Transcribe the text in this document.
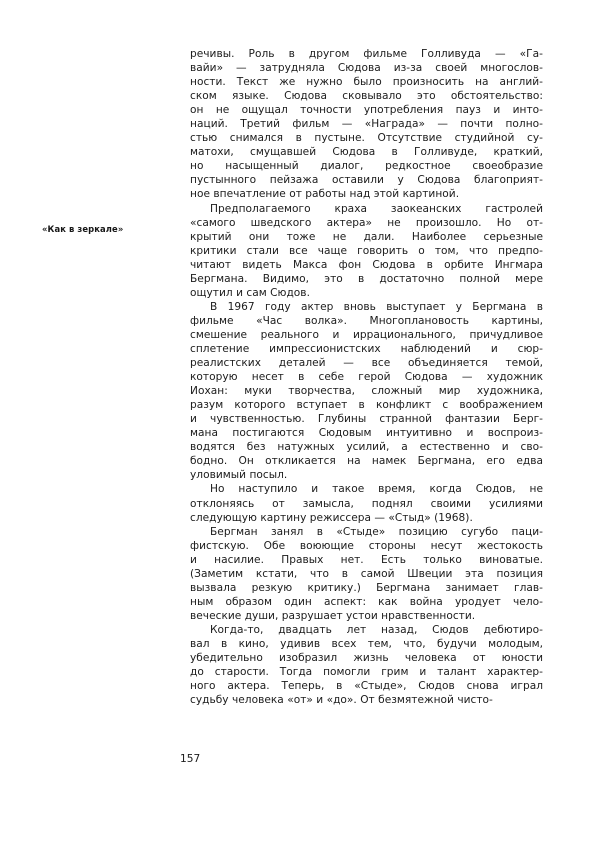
«Как в зеркале»

речивы. Роль в другом фильме Голливуда — «Га-
вайи» — затрудняла Сюдова из-за своей многослов-
ности. Текст же нужно было произносить на англий-
ском языке. Сюдова сковывало это обстоятельство:
он не ощущал точности употребления пауз и инто-
наций. Третий фильм — «Награда» — почти полно-
стью снимался в пустыне. Отсутствие студийной су-
матохи, смущавшей Сюдова в Голливуде, краткий,
но насыщенный диалог, редкостное своеобразие
пустынного пейзажа оставили у Сюдова благоприят-
ное впечатление от работы над этой картиной.

Предполагаемого краха заокеанских гастролей
«самого шведского актера» не произошло. Но от-
крытий они тоже не дали. Наиболее серьезные
критики стали все чаще говорить о том, что предпо-
читают видеть Макса фон Сюдова в орбите Ингмара
Бергмана. Видимо, это в достаточно полной мере
ощутил и сам Сюдов.

В 1967 году актер вновь выступает у Бергмана в
фильме «Час волка». Многоплановость картины,
смешение реального и иррационального, причудливое
сплетение импрессионистских наблюдений и сюр-
реалистских деталей — все объединяется темой,
которую несет в себе герой Сюдова — художник
Иохан: муки творчества, сложный мир художника,
разум которого вступает в конфликт с воображением
и чувственностью. Глубины странной фантазии Берг-
мана постигаются Сюдовым интуитивно и воспроиз-
водятся без натужных усилий, а естественно и сво-
бодно. Он откликается на намек Бергмана, его едва
уловимый посыл.

Но наступило и такое время, когда Сюдов, не
отклоняясь от замысла, поднял своими усилиями
следующую картину режиссера — «Стыд» (1968).

Бергман занял в «Стыде» позицию сугубо паци-
фистскую. Обе воюющие стороны несут жестокость
и насилие. Правых нет. Есть только виноватые.
(Заметим кстати, что в самой Швеции эта позиция
вызвала резкую критику.) Бергмана занимает глав-
ным образом один аспект: как война уродует чело-
веческие души, разрушает устои нравственности.

Когда-то, двадцать лет назад, Сюдов дебютиро-
вал в кино, удивив всех тем, что, будучи молодым,
убедительно изобразил жизнь человека от юности
до старости. Тогда помогли грим и талант характер-
ного актера. Теперь, в «Стыде», Сюдов снова играл
судьбу человека «от» и «до». От безмятежной чисто-

157
